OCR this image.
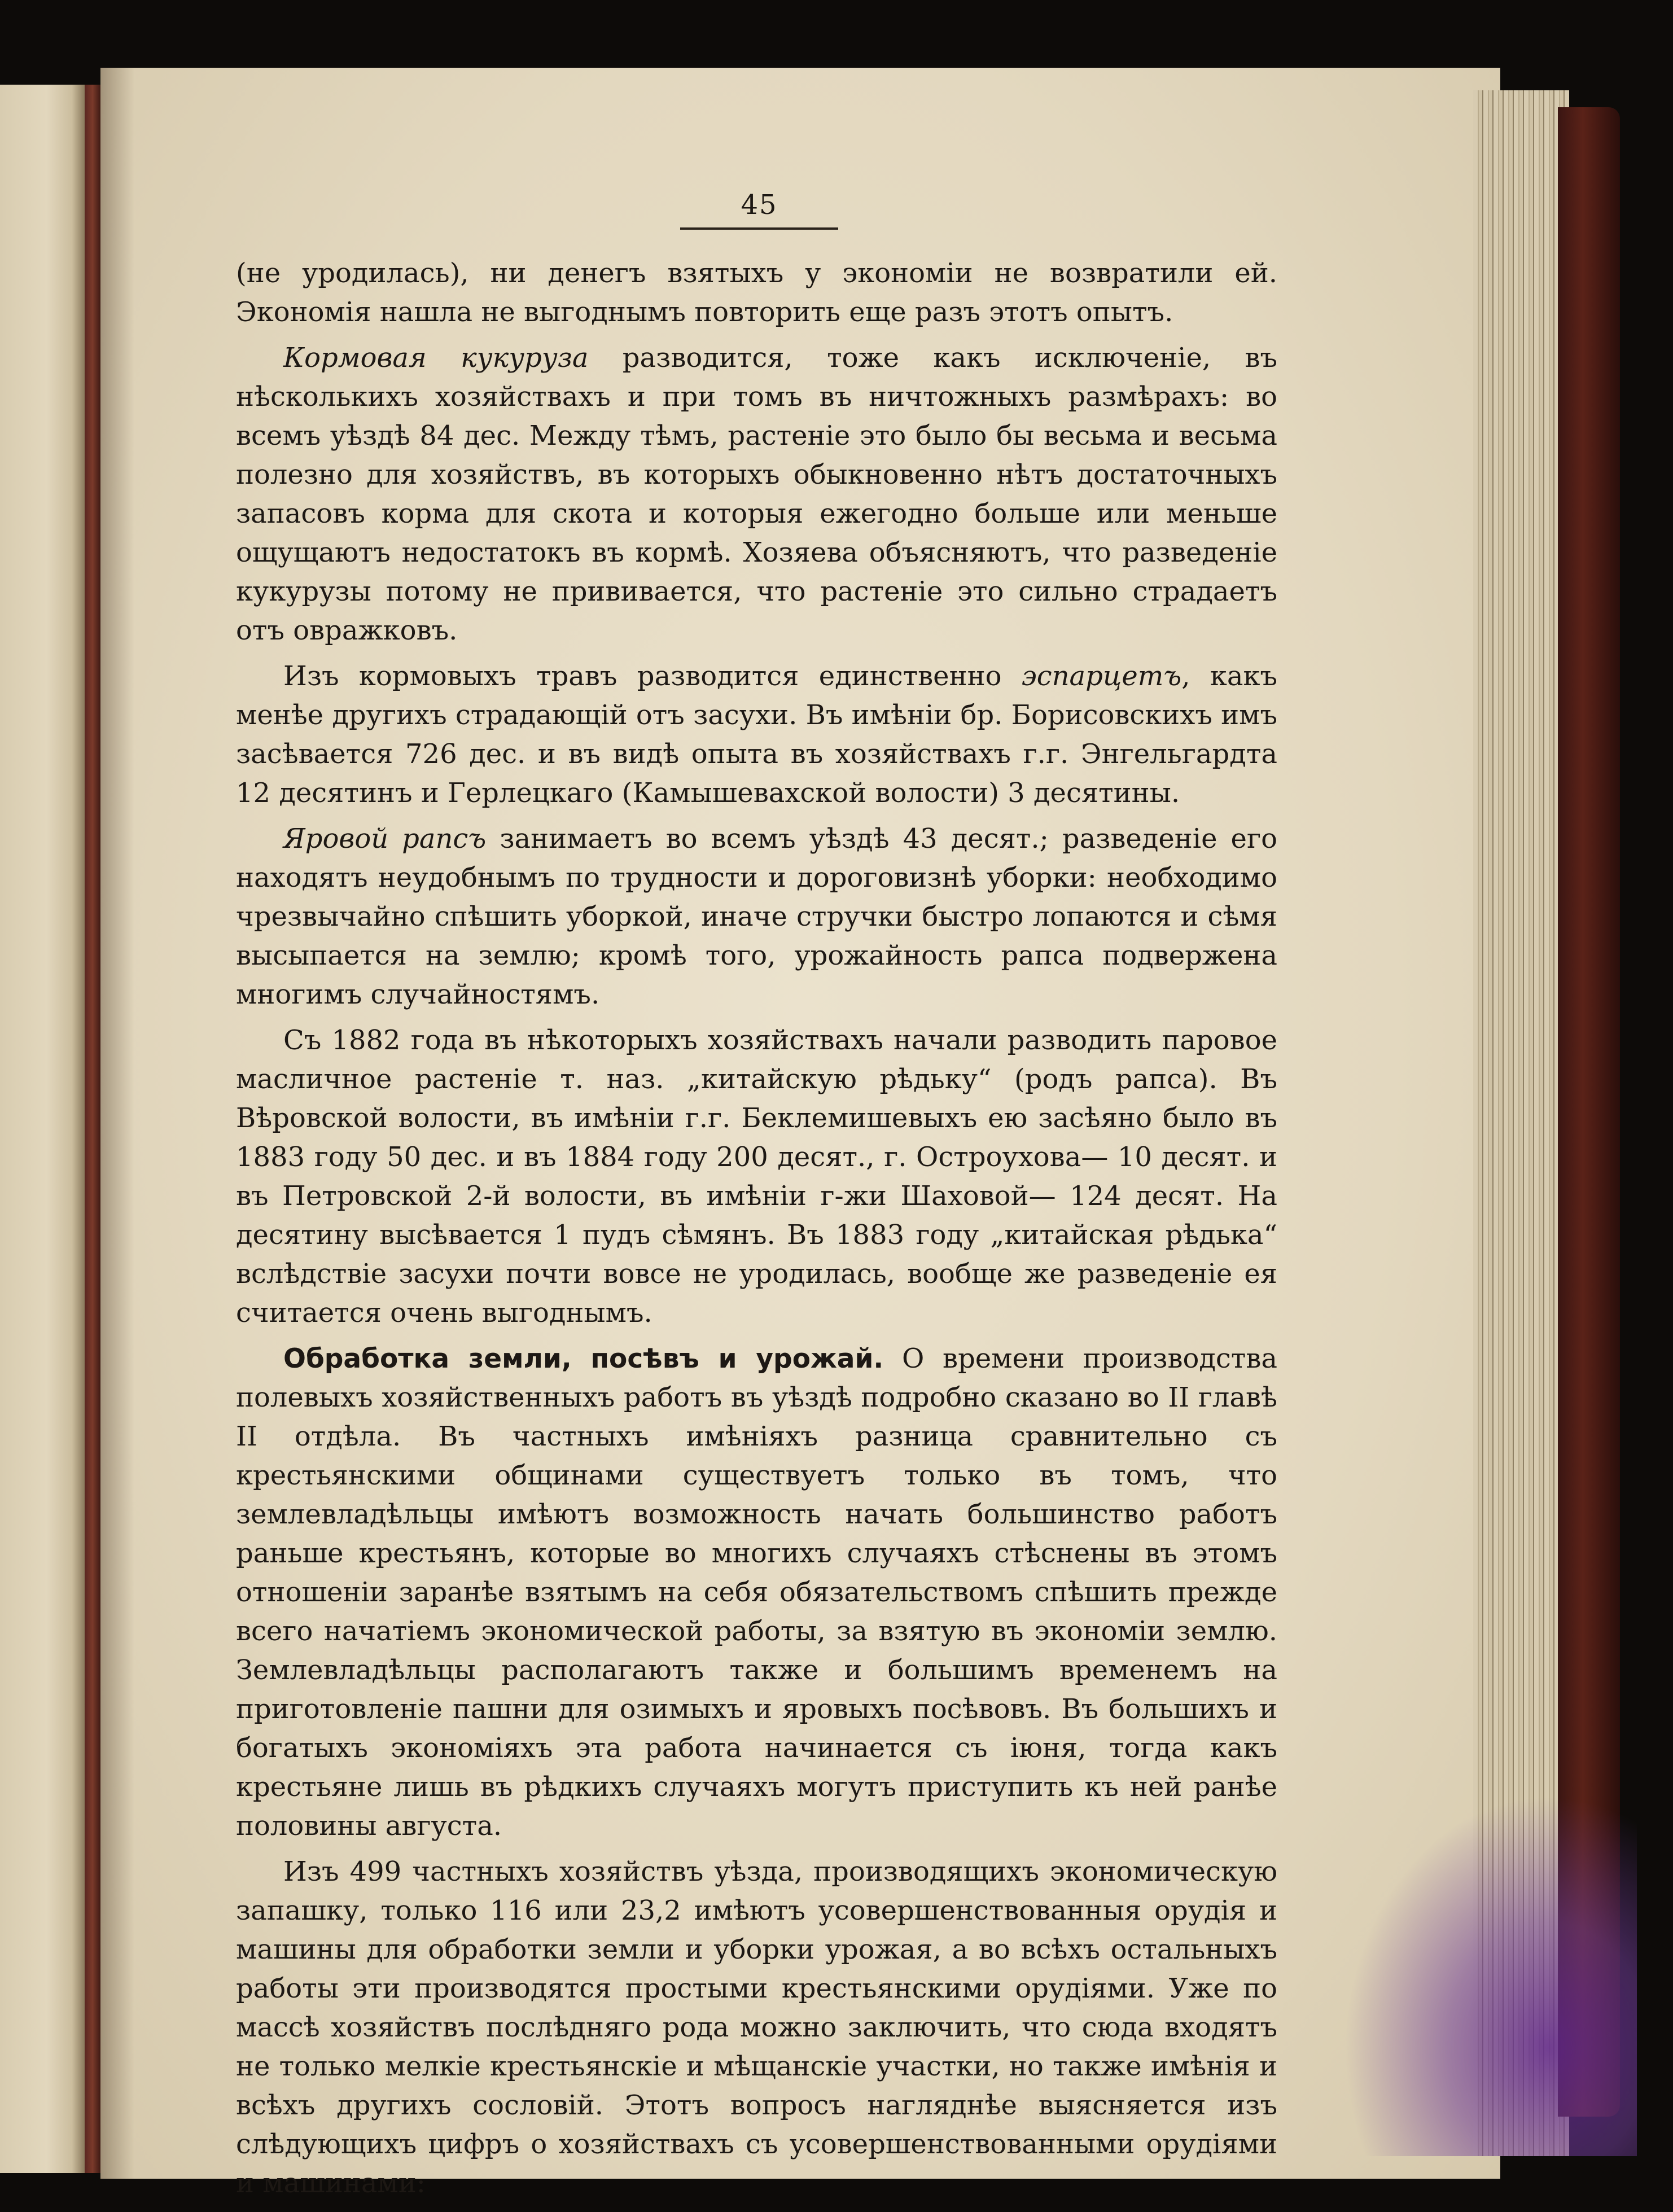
45

(не уродилась), ни денегъ взятыхъ у экономіи не возвратили ей. Экономія нашла не выгоднымъ повторить еще разъ этотъ опытъ.

Кормовая кукуруза разводится, тоже какъ исключеніе, въ нѣсколькихъ хозяйствахъ и при томъ въ ничтожныхъ размѣрахъ: во всемъ уѣздѣ 84 дес. Между тѣмъ, растеніе это было бы весьма и весьма полезно для хозяйствъ, въ которыхъ обыкновенно нѣтъ достаточныхъ запасовъ корма для скота и которыя ежегодно больше или меньше ощущаютъ недостатокъ въ кормѣ. Хозяева объясняютъ, что разведеніе кукурузы потому не прививается, что растеніе это сильно страдаетъ отъ овражковъ.

Изъ кормовыхъ травъ разводится единственно эспарцетъ, какъ менѣе другихъ страдающій отъ засухи. Въ имѣніи бр. Борисовскихъ имъ засѣвается 726 дес. и въ видѣ опыта въ хозяйствахъ г.г. Энгельгардта 12 десятинъ и Герлецкаго (Камышевахской волости) 3 десятины.

Яровой рапсъ занимаетъ во всемъ уѣздѣ 43 десят.; разведеніе его находятъ неудобнымъ по трудности и дороговизнѣ уборки: необходимо чрезвычайно спѣшить уборкой, иначе стручки быстро лопаются и сѣмя высыпается на землю; кромѣ того, урожайность рапса подвержена многимъ случайностямъ.

Съ 1882 года въ нѣкоторыхъ хозяйствахъ начали разводить паровое масличное растеніе т. наз. „китайскую рѣдьку“ (родъ рапса). Въ Вѣровской волости, въ имѣніи г.г. Беклемишевыхъ ею засѣяно было въ 1883 году 50 дес. и въ 1884 году 200 десят., г. Остроухова— 10 десят. и въ Петровской 2-й волости, въ имѣніи г-жи Шаховой— 124 десят. На десятину высѣвается 1 пудъ сѣмянъ. Въ 1883 году „китайская рѣдька“ вслѣдствіе засухи почти вовсе не уродилась, вообще же разведеніе ея считается очень выгоднымъ.

Обработка земли, посѣвъ и урожай. О времени производства полевыхъ хозяйственныхъ работъ въ уѣздѣ подробно сказано во II главѣ II отдѣла. Въ частныхъ имѣніяхъ разница сравнительно съ крестьянскими общинами существуетъ только въ томъ, что землевладѣльцы имѣютъ возможность начать большинство работъ раньше крестьянъ, которые во многихъ случаяхъ стѣснены въ этомъ отношеніи заранѣе взятымъ на себя обязательствомъ спѣшить прежде всего начатіемъ экономической работы, за взятую въ экономіи землю. Землевладѣльцы располагаютъ также и большимъ временемъ на приготовленіе пашни для озимыхъ и яровыхъ посѣвовъ. Въ большихъ и богатыхъ экономіяхъ эта работа начинается съ іюня, тогда какъ крестьяне лишь въ рѣдкихъ случаяхъ могутъ приступить къ ней ранѣе половины августа.

Изъ 499 частныхъ хозяйствъ уѣзда, производящихъ экономическую запашку, только 116 или 23,2 имѣютъ усовершенствованныя орудія и машины для обработки земли и уборки урожая, а во всѣхъ остальныхъ работы эти производятся простыми крестьянскими орудіями. Уже по массѣ хозяйствъ послѣдняго рода можно заключить, что сюда входятъ не только мелкіе крестьянскіе и мѣщанскіе участки, но также имѣнія и всѣхъ другихъ сословій. Этотъ вопросъ нагляднѣе выясняется изъ слѣдующихъ цифръ о хозяйствахъ съ усовершенствованными орудіями и машинами:
